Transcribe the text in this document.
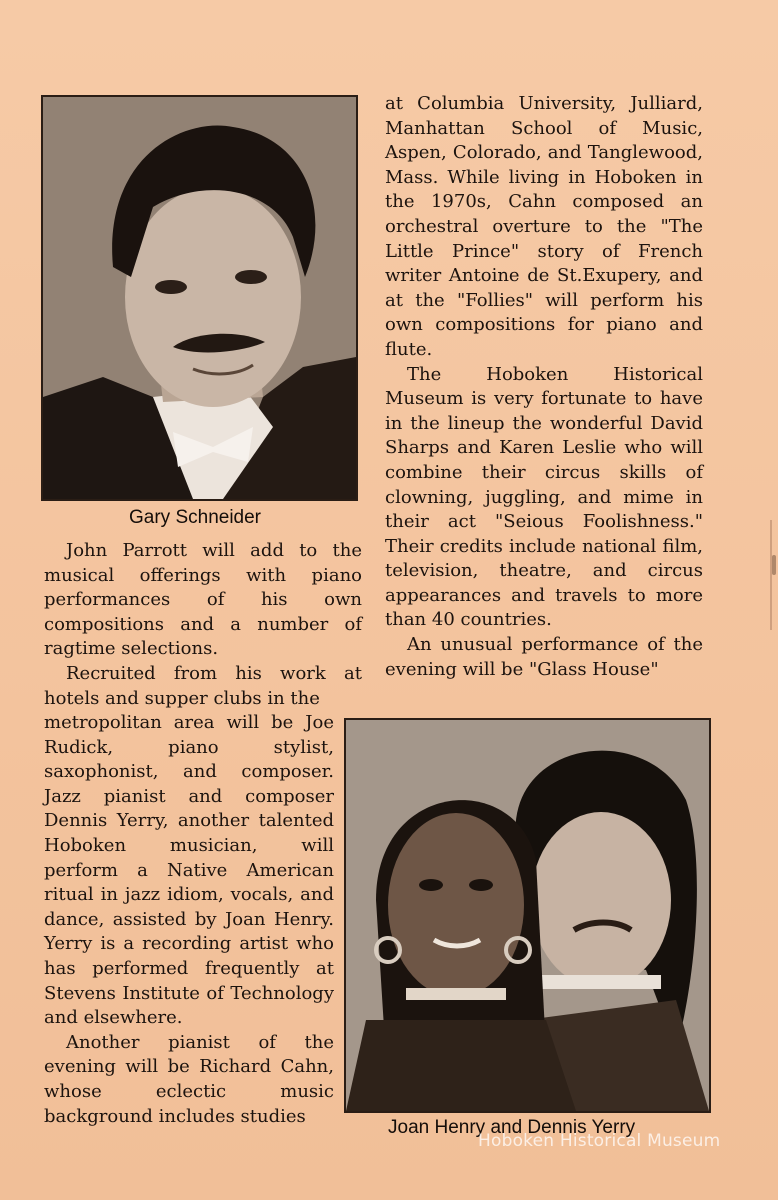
Gary Schneider

John Parrott will add to the musical offerings with piano performances of his own compositions and a number of ragtime selections.

Recruited from his work at hotels and supper clubs in the

metropolitan area will be Joe Rudick, piano stylist, saxophonist, and composer. Jazz pianist and composer Dennis Yerry, another talented Hoboken musician, will perform a Native American ritual in jazz idiom, vocals, and dance, assisted by Joan Henry. Yerry is a recording artist who has performed frequently at Stevens Institute of Technology and elsewhere.

Another pianist of the evening will be Richard Cahn, whose eclectic music background includes studies

at Columbia University, Julliard, Manhattan School of Music, Aspen, Colorado, and Tanglewood, Mass. While living in Hoboken in the 1970s, Cahn composed an orchestral overture to the "The Little Prince" story of French writer Antoine de St.Exupery, and at the "Follies" will perform his own compositions for piano and flute.

The Hoboken Historical Museum is very fortunate to have in the lineup the wonderful David Sharps and Karen Leslie who will combine their circus skills of clowning, juggling, and mime in their act "Seious Foolishness." Their credits include national film, television, theatre, and circus appearances and travels to more than 40 countries.

An unusual performance of the evening will be "Glass House"

Joan Henry and Dennis Yerry
Hoboken Historical Museum
